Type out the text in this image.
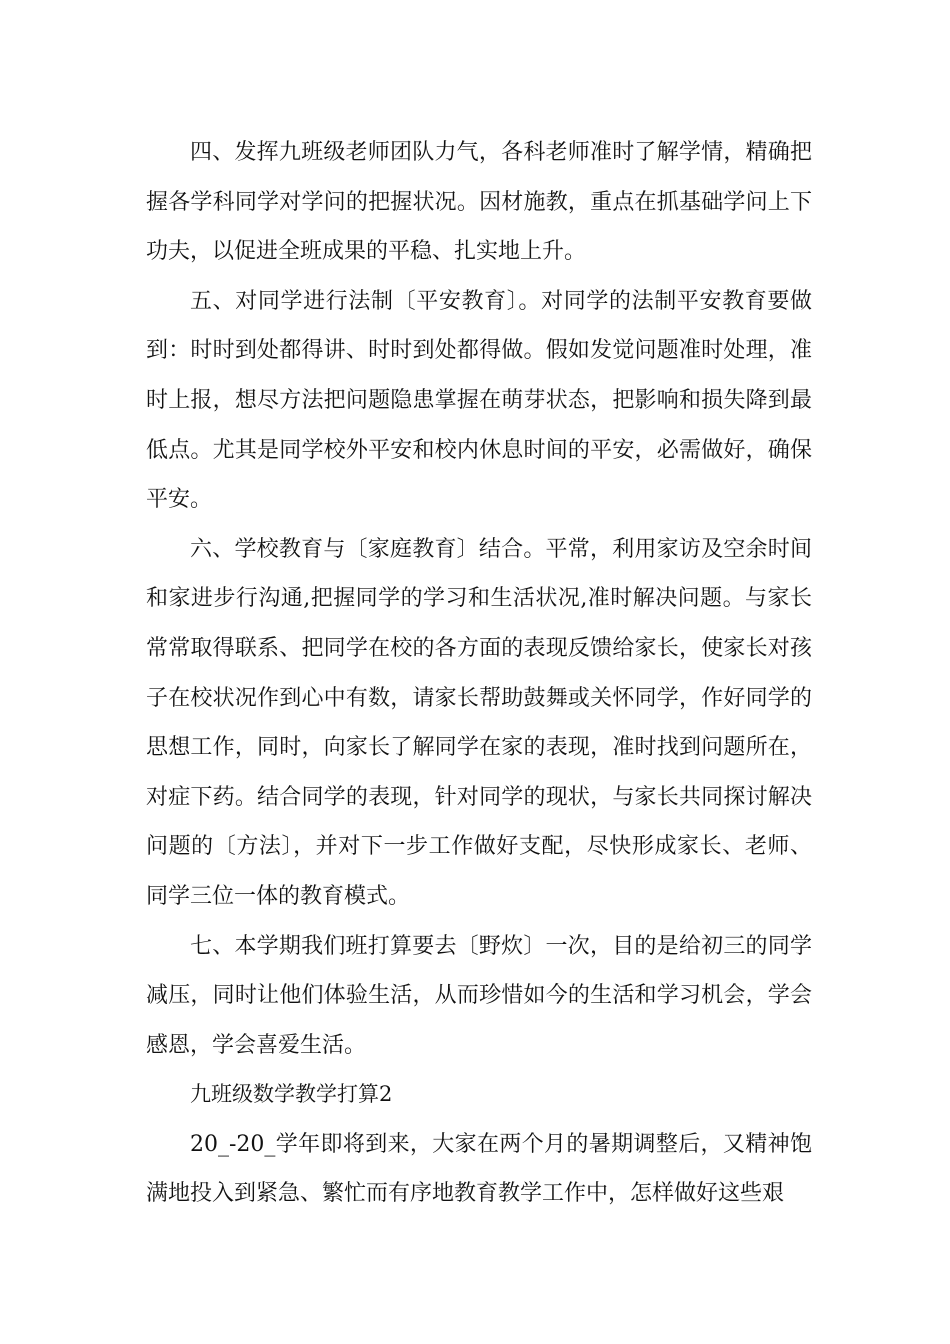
四、发挥九班级老师团队力气，各科老师准时了解学情，精确把握各学科同学对学问的把握状况。因材施教，重点在抓基础学问上下功夫，以促进全班成果的平稳、扎实地上升。

五、对同学进行法制〔平安教育〕。对同学的法制平安教育要做到：时时到处都得讲、时时到处都得做。假如发觉问题准时处理，准时上报，想尽方法把问题隐患掌握在萌芽状态，把影响和损失降到最低点。尤其是同学校外平安和校内休息时间的平安，必需做好，确保平安。

六、学校教育与〔家庭教育〕结合。平常，利用家访及空余时间和家进步行沟通,把握同学的学习和生活状况,准时解决问题。与家长常常取得联系、把同学在校的各方面的表现反馈给家长，使家长对孩子在校状况作到心中有数，请家长帮助鼓舞或关怀同学，作好同学的思想工作，同时，向家长了解同学在家的表现，准时找到问题所在，对症下药。结合同学的表现，针对同学的现状，与家长共同探讨解决问题的〔方法〕，并对下一步工作做好支配，尽快形成家长、老师、同学三位一体的教育模式。

七、本学期我们班打算要去〔野炊〕一次，目的是给初三的同学减压，同时让他们体验生活，从而珍惜如今的生活和学习机会，学会感恩，学会喜爱生活。

九班级数学教学打算2

20_-20_学年即将到来，大家在两个月的暑期调整后，又精神饱满地投入到紧急、繁忙而有序地教育教学工作中，怎样做好这些艰
